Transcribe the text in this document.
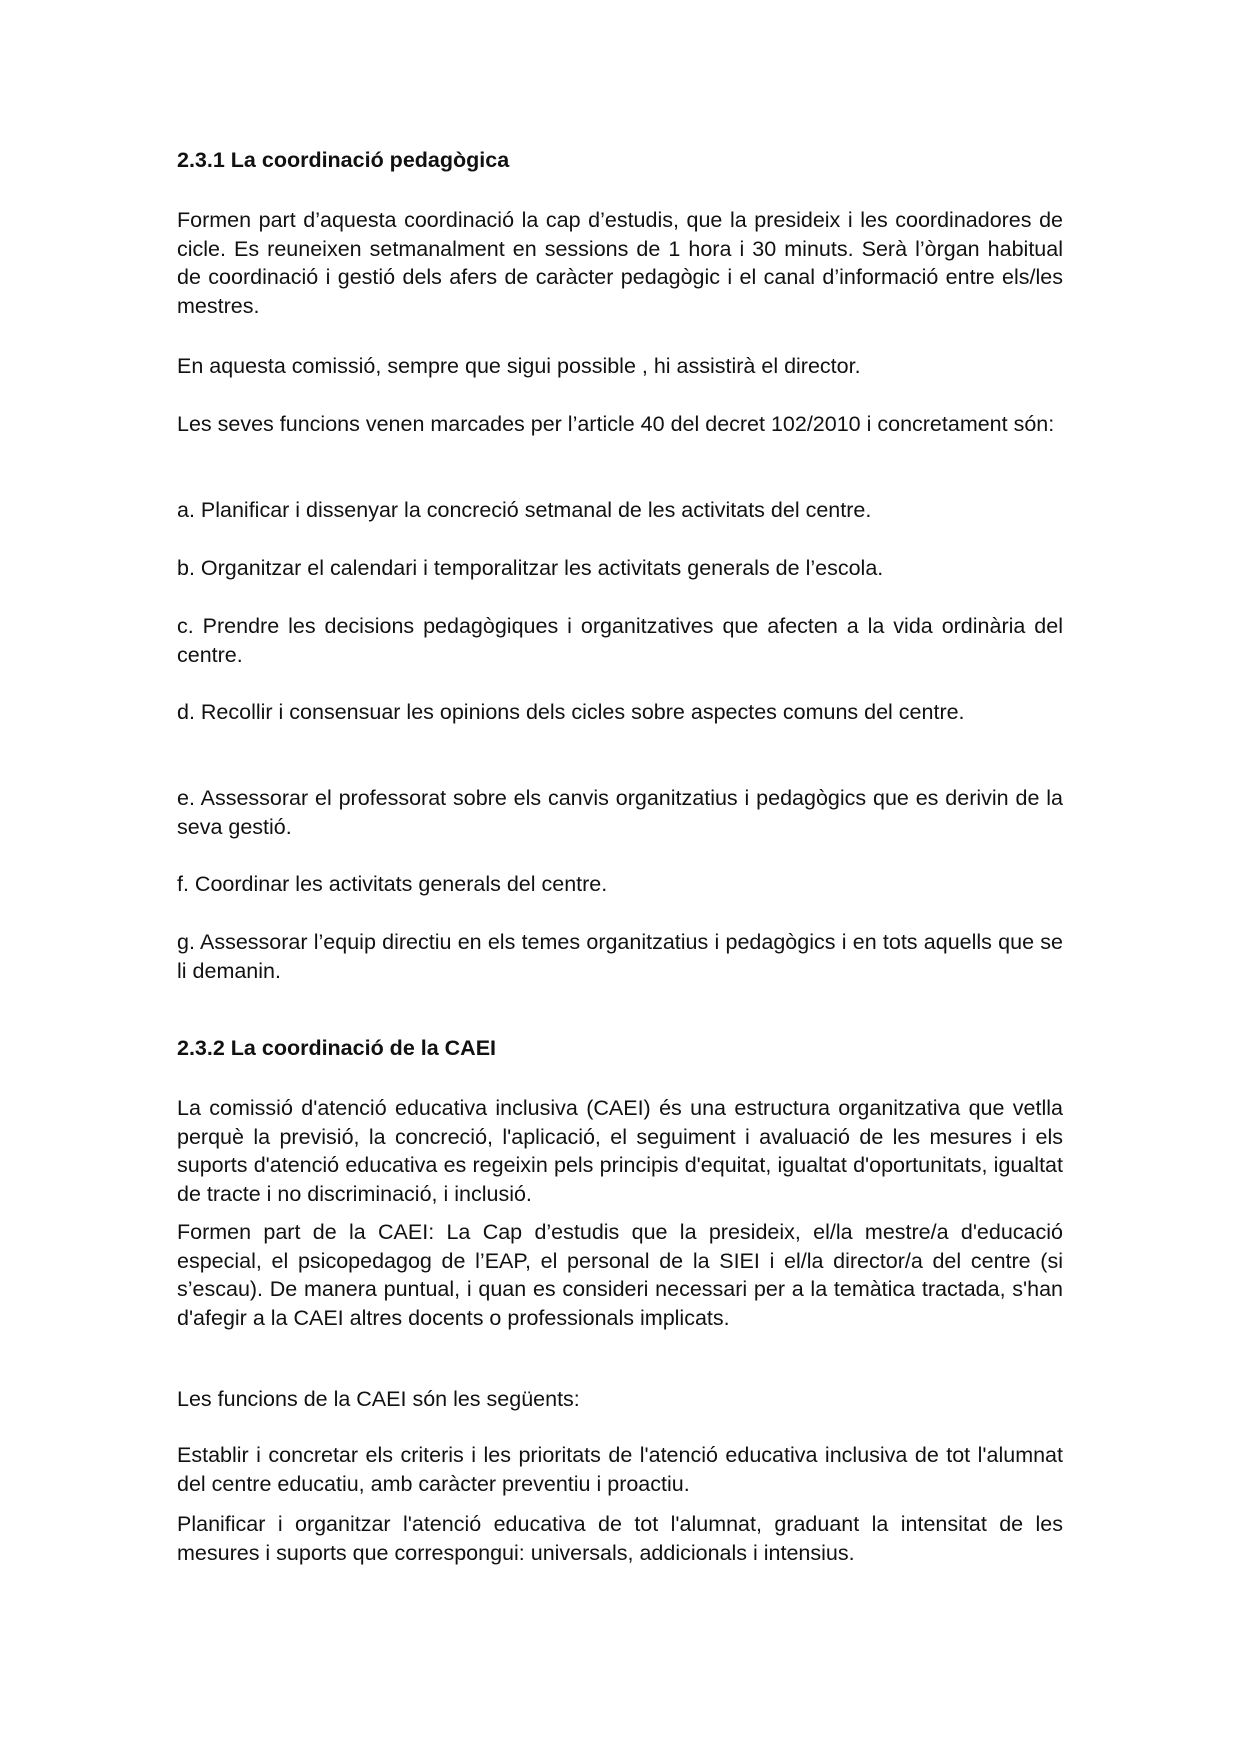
2.3.1 La coordinació pedagògica

Formen part d’aquesta coordinació la cap d’estudis, que la presideix i les coordinadores de cicle. Es reuneixen setmanalment en sessions de 1 hora i 30 minuts. Serà l’òrgan habitual de coordinació i gestió dels afers de caràcter pedagògic i el canal d’informació entre els/les mestres.

En aquesta comissió, sempre que sigui possible , hi assistirà el director.

Les seves funcions venen marcades per l’article 40 del decret 102/2010 i concretament són:

a. Planificar i dissenyar la concreció setmanal de les activitats del centre.

b. Organitzar el calendari i temporalitzar les activitats generals de l’escola.

c. Prendre les decisions pedagògiques i organitzatives que afecten a la vida ordinària del centre.

d. Recollir i consensuar les opinions dels cicles sobre aspectes comuns del centre.

e. Assessorar el professorat sobre els canvis organitzatius i pedagògics que es derivin de la seva gestió.

f. Coordinar les activitats generals del centre.

g. Assessorar l’equip directiu en els temes organitzatius i pedagògics i en tots aquells que se li demanin.

2.3.2 La coordinació de la CAEI

La comissió d'atenció educativa inclusiva (CAEI) és una estructura organitzativa que vetlla perquè la previsió, la concreció, l'aplicació, el seguiment i avaluació de les mesures i els suports d'atenció educativa es regeixin pels principis d'equitat, igualtat d'oportunitats, igualtat de tracte i no discriminació, i inclusió.

Formen part de la CAEI: La Cap d’estudis que la presideix, el/la mestre/a d'educació especial, el psicopedagog de l’EAP, el personal de la SIEI i el/la director/a del centre (si s’escau). De manera puntual, i quan es consideri necessari per a la temàtica tractada, s'han d'afegir a la CAEI altres docents o professionals implicats.

Les funcions de la CAEI són les següents:

Establir i concretar els criteris i les prioritats de l'atenció educativa inclusiva de tot l'alumnat del centre educatiu, amb caràcter preventiu i proactiu.

Planificar i organitzar l'atenció educativa de tot l'alumnat, graduant la intensitat de les mesures i suports que correspongui: universals, addicionals i intensius.
